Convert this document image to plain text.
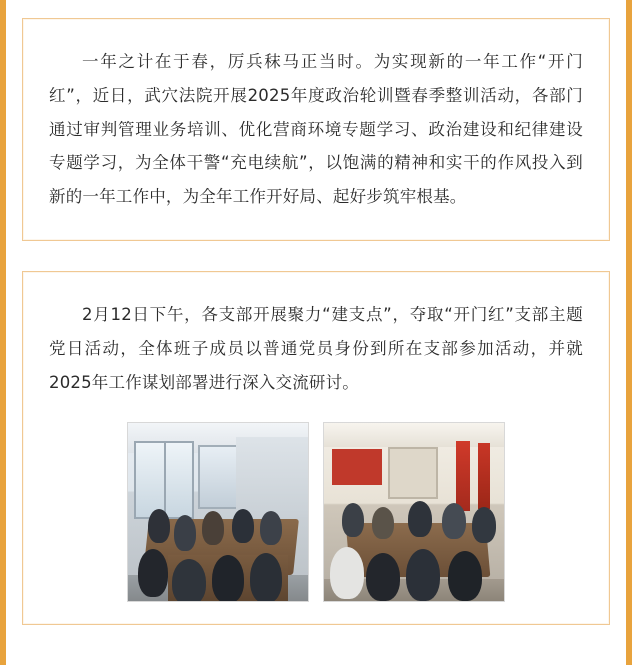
一年之计在于春，厉兵秣马正当时。为实现新的一年工作“开门红”，近日，武穴法院开展2025年度政治轮训暨春季整训活动，各部门通过审判管理业务培训、优化营商环境专题学习、政治建设和纪律建设专题学习，为全体干警“充电续航”，以饱满的精神和实干的作风投入到新的一年工作中，为全年工作开好局、起好步筑牢根基。

2月12日下午，各支部开展聚力“建支点”，夺取“开门红”支部主题党日活动，全体班子成员以普通党员身份到所在支部参加活动，并就2025年工作谋划部署进行深入交流研讨。
